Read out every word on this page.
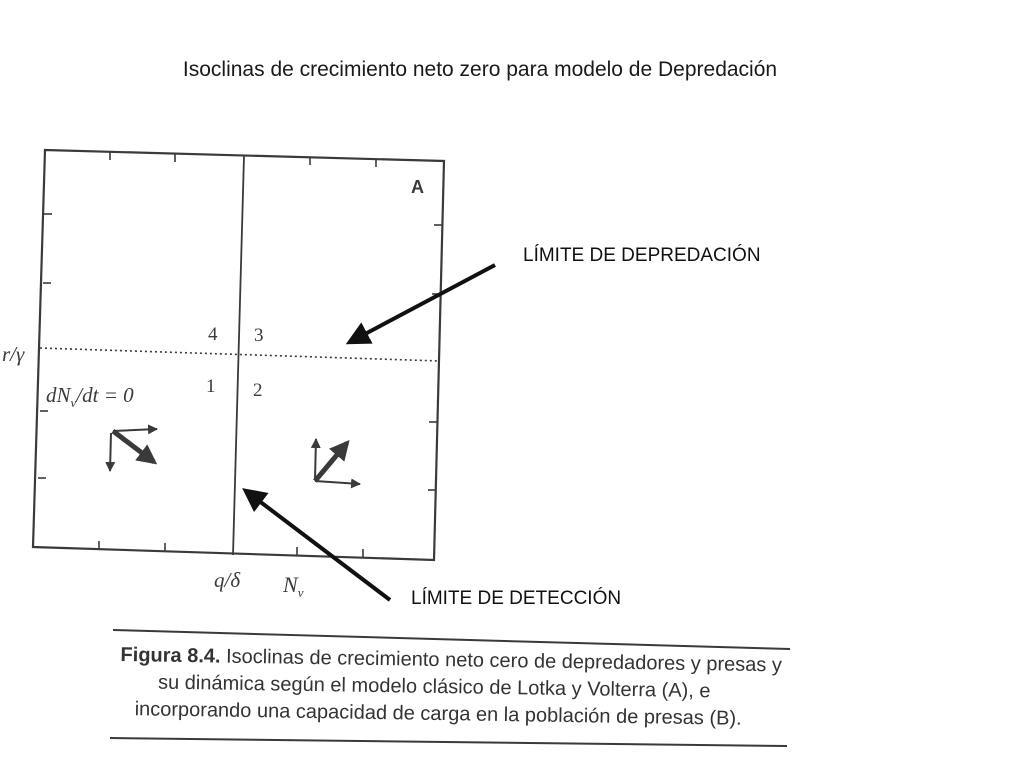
Isoclinas de crecimiento neto zero para modelo de Depredación
A
4 3
1 2
r/γ
$dN_v/dt = 0$
q/δ $N_v$
Figura 8.4. Isoclinas de crecimiento neto cero de depredadores y presas y
su dinámica según el modelo clásico de Lotka y Volterra (A), e
incorporando una capacidad de carga en la población de presas (B).
LÍMITE DE DEPREDACIÓN
LÍMITE DE DETECCIÓN
